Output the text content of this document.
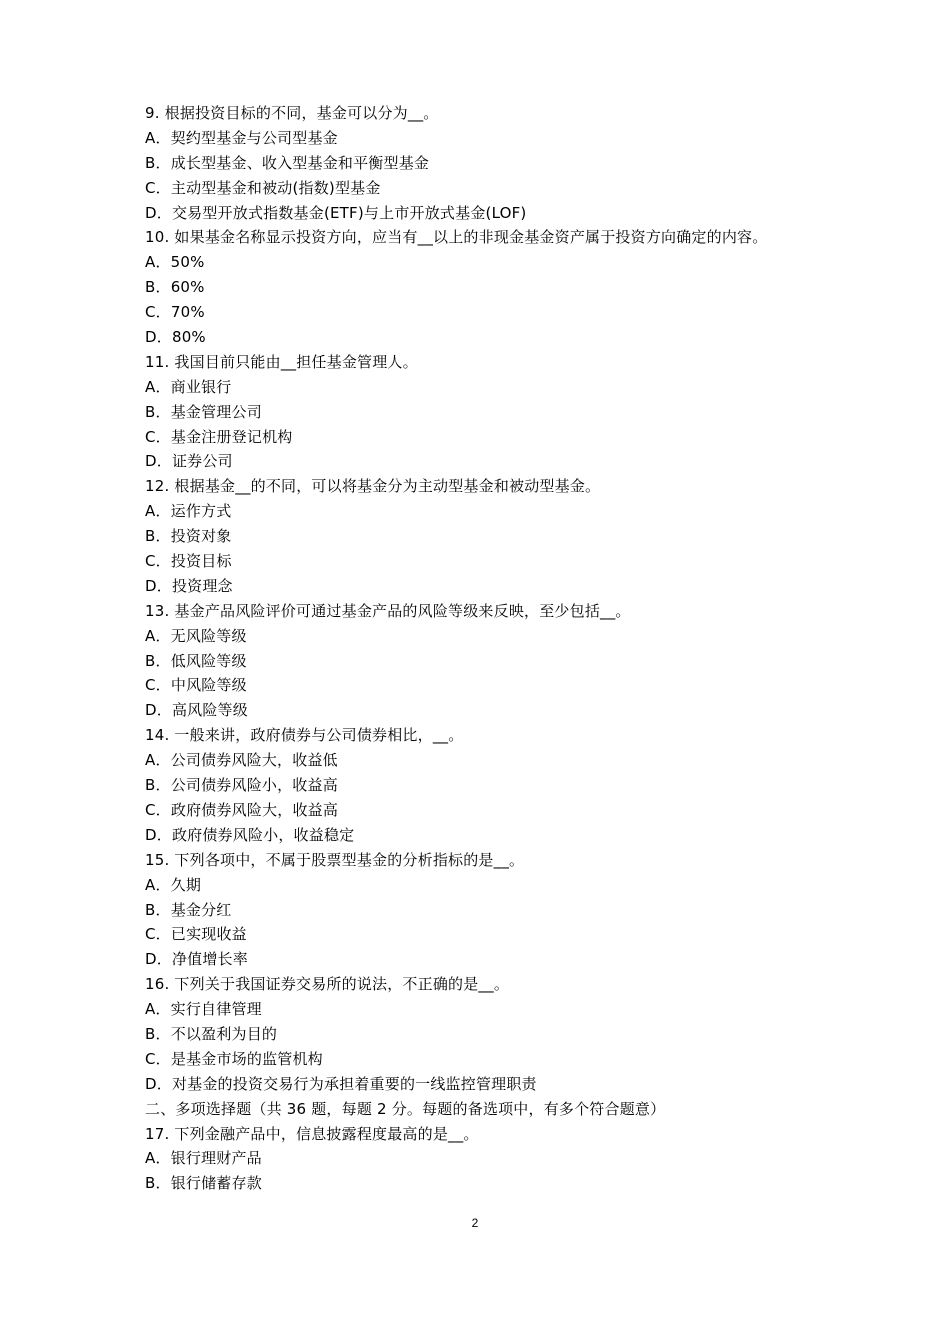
9. 根据投资目标的不同，基金可以分为__。
A．契约型基金与公司型基金
B．成长型基金、收入型基金和平衡型基金
C．主动型基金和被动(指数)型基金
D．交易型开放式指数基金(ETF)与上市开放式基金(LOF)
10. 如果基金名称显示投资方向，应当有__以上的非现金基金资产属于投资方向确定的内容。
A．50%
B．60%
C．70%
D．80%
11. 我国目前只能由__担任基金管理人。
A．商业银行
B．基金管理公司
C．基金注册登记机构
D．证券公司
12. 根据基金__的不同，可以将基金分为主动型基金和被动型基金。
A．运作方式
B．投资对象
C．投资目标
D．投资理念
13. 基金产品风险评价可通过基金产品的风险等级来反映，至少包括__。
A．无风险等级
B．低风险等级
C．中风险等级
D．高风险等级
14. 一般来讲，政府债券与公司债券相比，__。
A．公司债券风险大，收益低
B．公司债券风险小，收益高
C．政府债券风险大，收益高
D．政府债券风险小，收益稳定
15. 下列各项中，不属于股票型基金的分析指标的是__。
A．久期
B．基金分红
C．已实现收益
D．净值增长率
16. 下列关于我国证券交易所的说法，不正确的是__。
A．实行自律管理
B．不以盈利为目的
C．是基金市场的监管机构
D．对基金的投资交易行为承担着重要的一线监控管理职责
二、多项选择题（共 36 题，每题 2 分。每题的备选项中，有多个符合题意）
17. 下列金融产品中，信息披露程度最高的是__。
A．银行理财产品
B．银行储蓄存款
2
